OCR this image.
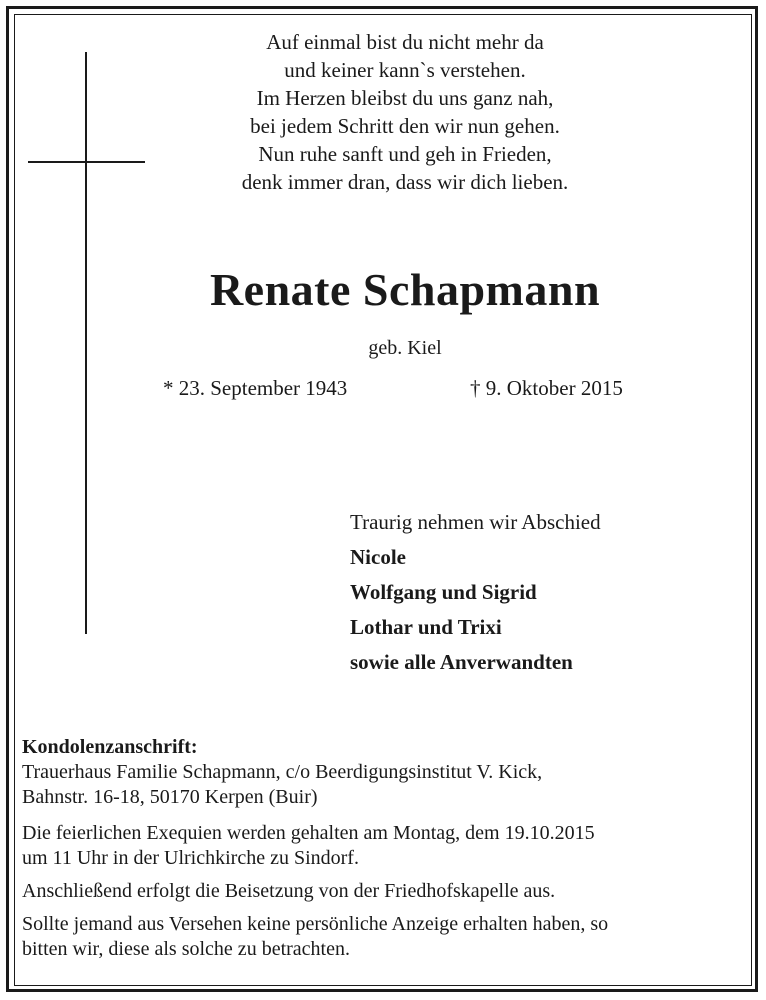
Auf einmal bist du nicht mehr da
und keiner kann`s verstehen.
Im Herzen bleibst du uns ganz nah,
bei jedem Schritt den wir nun gehen.
Nun ruhe sanft und geh in Frieden,
denk immer dran, dass wir dich lieben.
Renate Schapmann
geb. Kiel
* 23. September 1943	† 9. Oktober 2015
Traurig nehmen wir Abschied
Nicole
Wolfgang und Sigrid
Lothar und Trixi
sowie alle Anverwandten
Kondolenzanschrift:
Trauerhaus Familie Schapmann, c/o Beerdigungsinstitut V. Kick,
Bahnstr. 16-18, 50170 Kerpen (Buir)
Die feierlichen Exequien werden gehalten am Montag, dem 19.10.2015
um 11 Uhr in der Ulrichkirche zu Sindorf.
Anschließend erfolgt die Beisetzung von der Friedhofskapelle aus.
Sollte jemand aus Versehen keine persönliche Anzeige erhalten haben, so
bitten wir, diese als solche zu betrachten.
